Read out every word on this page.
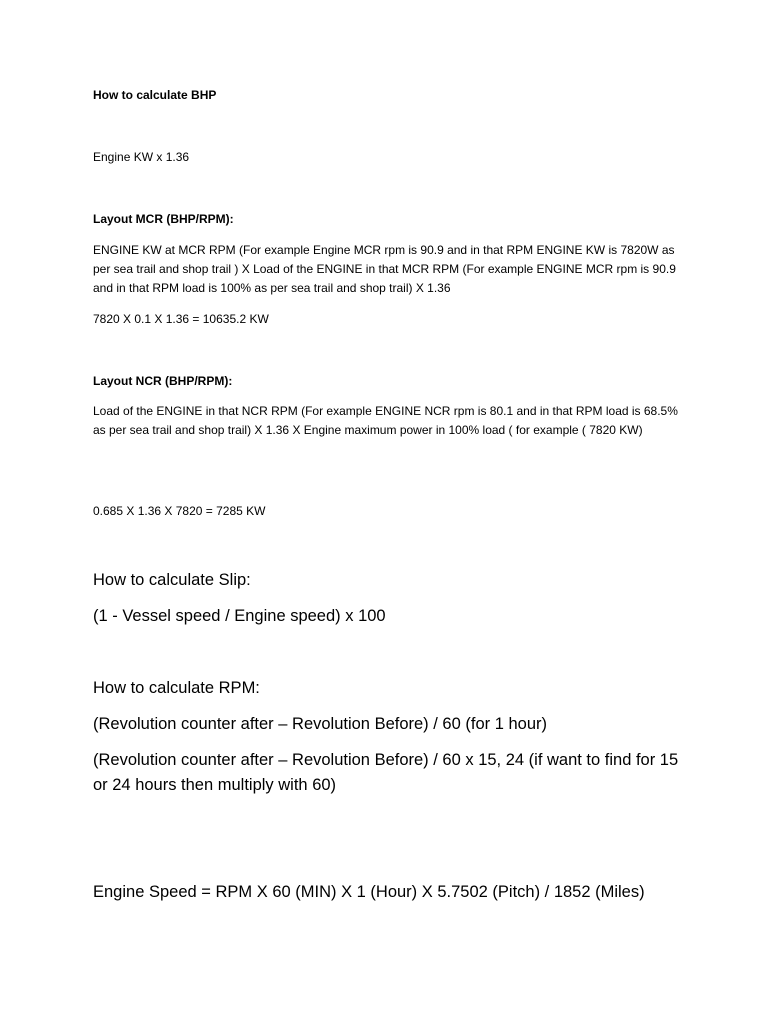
How to calculate BHP

Engine KW x 1.36

Layout MCR (BHP/RPM):

ENGINE KW at MCR RPM (For example Engine MCR rpm is 90.9 and in that RPM ENGINE KW is 7820W as per sea trail and shop trail ) X Load of the ENGINE in that MCR RPM (For example ENGINE MCR rpm is 90.9 and in that RPM load is 100% as per sea trail and shop trail) X 1.36

7820 X 0.1 X 1.36 = 10635.2 KW

Layout NCR (BHP/RPM):

Load of the ENGINE in that NCR RPM (For example ENGINE NCR rpm is 80.1 and in that RPM load is 68.5% as per sea trail and shop trail) X 1.36 X Engine maximum power in 100% load ( for example ( 7820 KW)

0.685 X 1.36 X 7820 = 7285 KW

How to calculate Slip:

(1 - Vessel speed / Engine speed) x 100

How to calculate RPM:

(Revolution counter after – Revolution Before) / 60 (for 1 hour)

(Revolution counter after – Revolution Before) / 60 x 15, 24 (if want to find for 15 or 24 hours then multiply with 60)

Engine Speed = RPM X 60 (MIN) X 1 (Hour) X 5.7502 (Pitch) / 1852 (Miles)
